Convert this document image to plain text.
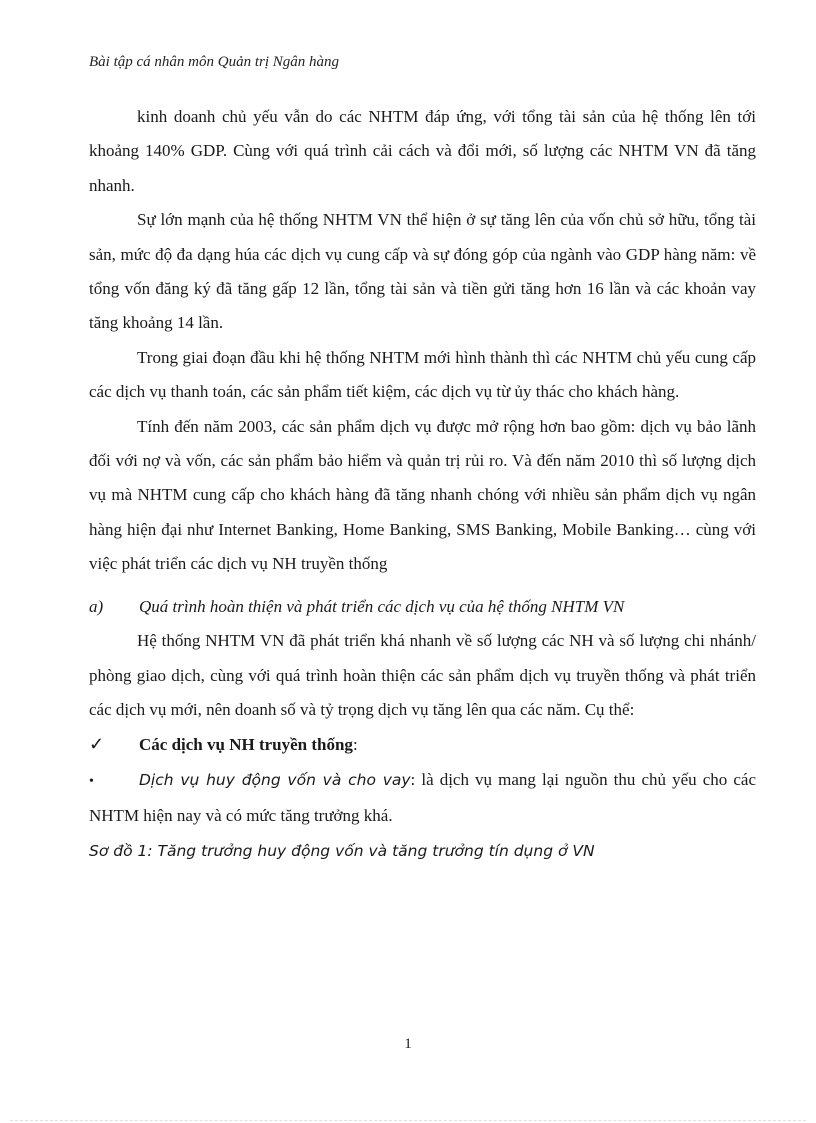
Bài tập cá nhân môn Quản trị Ngân hàng

kinh doanh chủ yếu vẫn do các NHTM đáp ứng, với tổng tài sản của hệ thống lên tới khoảng 140% GDP. Cùng với quá trình cải cách và đổi mới, số lượng các NHTM VN đã tăng nhanh.

Sự lớn mạnh của hệ thống NHTM VN thể hiện ở sự tăng lên của vốn chủ sở hữu, tổng tài sản, mức độ đa dạng húa các dịch vụ cung cấp và sự đóng góp của ngành vào GDP hàng năm: về tổng vốn đăng ký đã tăng gấp 12 lần, tổng tài sản và tiền gửi tăng hơn 16 lần và các khoản vay tăng khoảng 14 lần.

Trong giai đoạn đầu khi hệ thống NHTM mới hình thành thì các NHTM chủ yếu cung cấp các dịch vụ thanh toán, các sản phẩm tiết kiệm, các dịch vụ từ ủy thác cho khách hàng.

Tính đến năm 2003, các sản phẩm dịch vụ được mở rộng hơn bao gồm: dịch vụ bảo lãnh đối với nợ và vốn, các sản phẩm bảo hiểm và quản trị rủi ro. Và đến năm 2010 thì số lượng dịch vụ mà NHTM cung cấp cho khách hàng đã tăng nhanh chóng với nhiều sản phẩm dịch vụ ngân hàng hiện đại như Internet Banking, Home Banking, SMS Banking, Mobile Banking… cùng với việc phát triển các dịch vụ NH truyền thống

a)	Quá trình hoàn thiện và phát triển các dịch vụ của hệ thống NHTM VN

Hệ thống NHTM VN đã phát triển khá nhanh về số lượng các NH và số lượng chi nhánh/ phòng giao dịch, cùng với quá trình hoàn thiện các sản phẩm dịch vụ truyền thống và phát triển các dịch vụ mới, nên doanh số và tỷ trọng dịch vụ tăng lên qua các năm. Cụ thể:

✓	Các dịch vụ NH truyền thống :

•	Dịch vụ huy động vốn và cho vay: là dịch vụ mang lại nguồn thu chủ yếu cho các NHTM hiện nay và có mức tăng trưởng khá.

Sơ đồ 1: Tăng trưởng huy động vốn và tăng trưởng tín dụng ở VN

1
